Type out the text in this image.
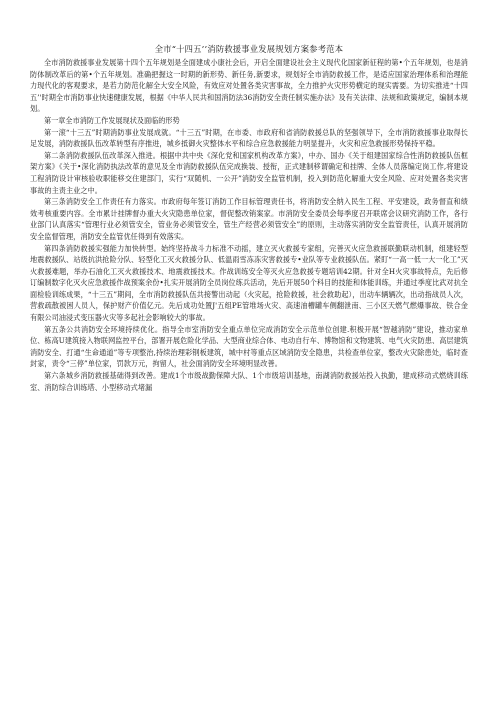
全市“十四五’’消防救援事业发展规划方案参考范本

全市消防救援事业发展第十四个五年规划是全面建成小康社会后，开启全面建设社会主义现代化国家新征程的第•个五年规划，也是消防体制改革后的第•个五年规划。准确把握这一时期的新形势、新任务,新要求，规划好全市消防救援工作，是适应国家治理体系和治理能力现代化的客观要求，是若力防范化解全大安全风险，有效应对处置各类灾害事故，全力推护火灾形势横定的现实需要。为切实推进“十四五’'时期全市消防事业快速健康发展，根据《中华人民共和国消防法36消防安全责任制实施办法》及有关法律、法规和政策规定，编制本规划。

第一章全市消防工作发展现状及面临的形势

第一滚“十三五”时期消防事业发展成就。“十三五”时期，在市委、市政府和省消防救援总队的坚强领导下，全市消防救援事业取得长足发展，消防救援队伍改革转型有序推进，城乡抵御火灾整体水平和综合应急救援能力明显提升，火灾和应急救援形势保持平稳。

第二条消防救援队伍改革深入推进。根据中共中央《深化党和国家机构改革方案》，中办、国办《关于组建国家综合性消防救援队伍框架方案》《关于•深化消防执法改革的意见及全市消防救援队伍完成换装、授衔，正式建制移谓确定和挂牌、全体人员落编定岗工作,将建设工程消防设计审核验收职能移交住建部门，实行“双随机、一公开”消防安全监管机制，投入到防范化解重大安全风险、应对处置各类灾害事故的主责主业之中。

第三条消防安全工作责任有力落实。市政府每年签订消防工作目标管理责任书，将消防安全纳入民生工程、平安建设，政务督直和绩效考核重要内容。全市累计挂牌督办重大火灾隐患单位家，督促整改销案家。市消防安全委员会每季度召开联席会议研究消防工作，各行业部门认真落实“管理行业必须管安全，管业务必须管安全，管生产经营必须管安全”的原则，主动落实消防安全监管责任，认真开展消防安全监督管理，消防安全监管优任得到有效落实。

第四条消防救援实强能力加快转型。始终坚持战斗力标准不动摇，建立灭火救援专家组，完善灭火应急救援联勤联动机制，组建轻型地震救援队、站级抗洪抢险分队、轻型化工灭火救援分队、低温雨雪冻冻灾害救援专•业队等专业救援队伍。紧盯“一高一低一大一化工”灭火救援难题，举办石油化工灭火救援技术、地震救援技术。作战训练安全等灭火应急救援专题培训42期。针对全H火灾事故特点，先后修订编制数字化灭火应急救援作战预案余份•扎实开展消防全员岗位练兵活动，先后开展50个科目的技能和体能训练，并通过季度比武对抗全面检验训练成果，“十三五”期间，全市消防救援队伍共接警出动起（火灾起，抢险救援，社会救助起），出动车辆辆次，出动指战员人次，营救疏散被困人员人，保护财产价值亿元。先后成功处置J'五组PE管堆场火灾、高速油槽罐车侧翻泄南、三小区天燃气燃爆事故、铁合金有限公司油浸式变压器火灾等多起社会影响较大的事故。

第五条公共消防安全环境持续优化。指导全市室消防安全重点单位完成消防安全示范单位创建.积极开展“智越消防”建设，推动家单位、栋高U建筑接入物联网监控平台，部署开展危险化学品、大型商业综合体、电动自行车、博物馆和文物建筑、电气火灾防患、高层建筑消防安全、打通“生命通道”等专项整治,持续治理彩钢板建筑，城中村等重点区域消防安全隐患，共检查单位家，整改火灾除患处，临时查封家，责令“三停”单位家，罚款万元，拘留人，社会面消防安全环境明显改善。

第六条城乡消防救援基础得到改善。建成1个市级战勤保障大队、1个市级培训基地，南湖消防救援站投入执勤，建成移动式燃烧训练室、消防综合训练塔、小型移动式堵漏
